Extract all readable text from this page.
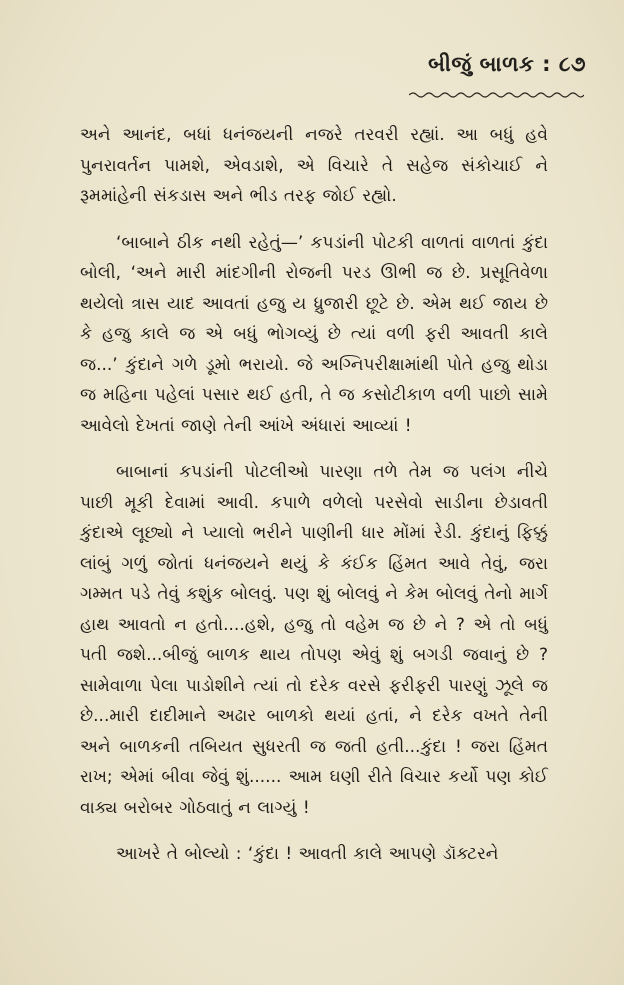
બીજું બાળક : ૮૭

અને આનંદ, બધાં ધનંજયની નજરે તરવરી રહ્યાં. આ બધું હવે પુનરાવર્તન પામશે, એવડાશે, એ વિચારે તે સહેજ સંકોચાઈ ને રૂમમાંહેની સંકડાસ અને ભીડ તરફ જોઈ રહ્યો.

‘બાબાને ઠીક નથી રહેતું—’ કપડાંની પોટકી વાળતાં વાળતાં કુંદા બોલી, ‘અને મારી માંદગીની રોજની પરડ ઊભી જ છે. પ્રસૂતિવેળા થયેલો ત્રાસ યાદ આવતાં હજુ ય ધ્રુજારી છૂટે છે. એમ થઈ જાય છે કે હજુ કાલે જ એ બધું ભોગવ્યું છે ત્યાં વળી ફરી આવતી કાલે જ...’ કુંદાને ગળે ડૂમો ભરાયો. જે અગ્નિપરીક્ષામાંથી પોતે હજુ થોડા જ મહિના પહેલાં પસાર થઈ હતી, તે જ કસોટીકાળ વળી પાછો સામે આવેલો દેખતાં જાણે તેની આંખે અંધારાં આવ્યાં !

બાબાનાં કપડાંની પોટલીઓ પારણા તળે તેમ જ પલંગ નીચે પાછી મૂકી દેવામાં આવી. કપાળે વળેલો પરસેવો સાડીના છેડાવતી કુંદાએ લૂછ્યો ને પ્યાલો ભરીને પાણીની ધાર મોંમાં રેડી. કુંદાનું ફિક્કું લાંબું ગળું જોતાં ધનંજયને થયું કે કંઈક હિંમત આવે તેવું, જરા ગમ્મત પડે તેવું કશુંક બોલવું. પણ શું બોલવું ને કેમ બોલવું તેનો માર્ગ હાથ આવતો ન હતો....હશે, હજુ તો વહેમ જ છે ને ? એ તો બધું પતી જશે...બીજું બાળક થાય તોપણ એવું શું બગડી જવાનું છે ? સામેવાળા પેલા પાડોશીને ત્યાં તો દરેક વરસે ફરીફરી પારણું ઝૂલે જ છે...મારી દાદીમાને અઢાર બાળકો થયાં હતાં, ને દરેક વખતે તેની અને બાળકની તબિયત સુધરતી જ જતી હતી...કુંદા ! જરા હિંમત રાખ; એમાં બીવા જેવું શું...... આમ ઘણી રીતે વિચાર કર્યો પણ કોઈ વાક્ય બરોબર ગોઠવાતું ન લાગ્યું !

આખરે તે બોલ્યો : ‘કુંદા ! આવતી કાલે આપણે ડૉક્ટરને
